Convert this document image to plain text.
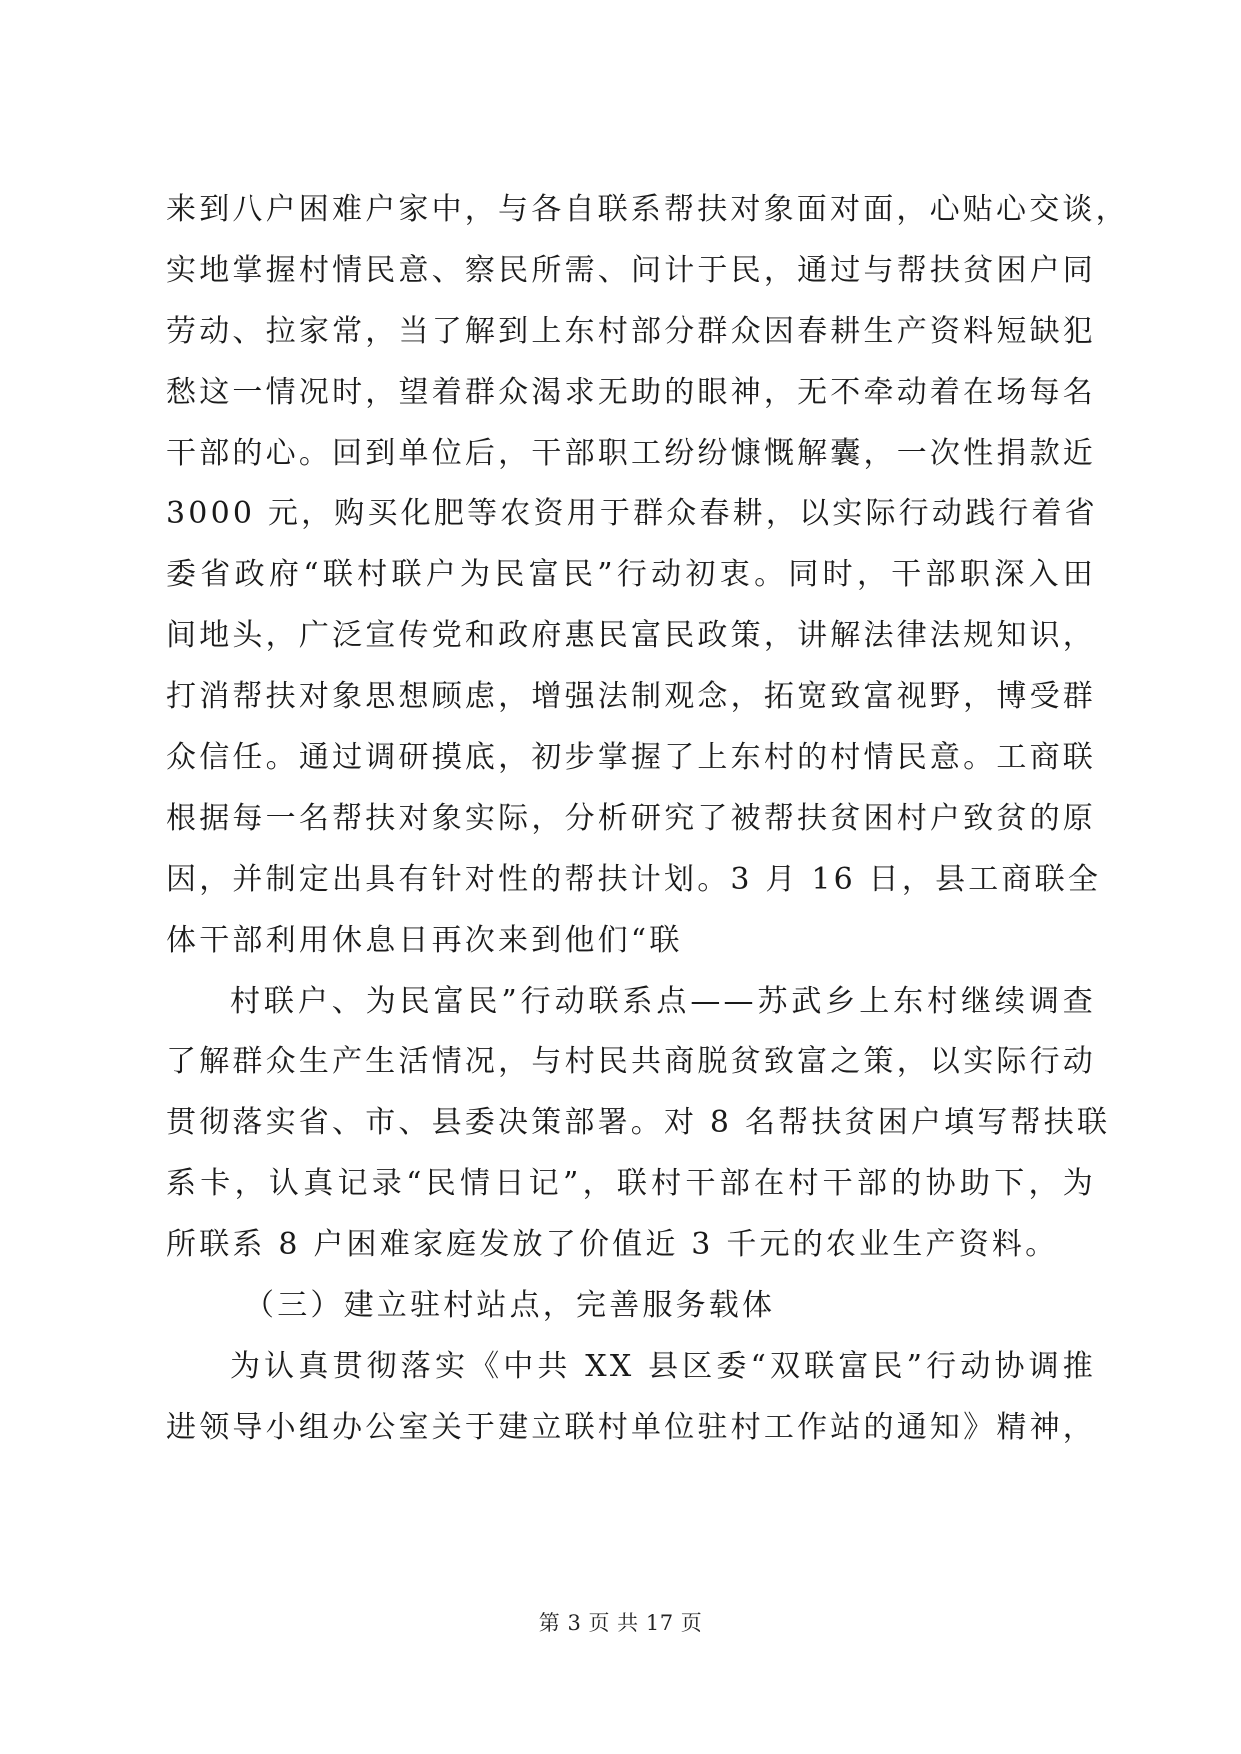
来到八户困难户家中，与各自联系帮扶对象面对面，心贴心交谈，
实地掌握村情民意、察民所需、问计于民，通过与帮扶贫困户同
劳动、拉家常，当了解到上东村部分群众因春耕生产资料短缺犯
愁这一情况时，望着群众渴求无助的眼神，无不牵动着在场每名
干部的心。回到单位后，干部职工纷纷慷慨解囊，一次性捐款近
3000 元，购买化肥等农资用于群众春耕，以实际行动践行着省
委省政府“联村联户为民富民”行动初衷。同时，干部职深入田
间地头，广泛宣传党和政府惠民富民政策，讲解法律法规知识，
打消帮扶对象思想顾虑，增强法制观念，拓宽致富视野，博受群
众信任。通过调研摸底，初步掌握了上东村的村情民意。工商联
根据每一名帮扶对象实际，分析研究了被帮扶贫困村户致贫的原
因，并制定出具有针对性的帮扶计划。3 月 16 日，县工商联全
体干部利用休息日再次来到他们“联
村联户、为民富民”行动联系点——苏武乡上东村继续调查
了解群众生产生活情况，与村民共商脱贫致富之策，以实际行动
贯彻落实省、市、县委决策部署。对 8 名帮扶贫困户填写帮扶联
系卡，认真记录“民情日记”，联村干部在村干部的协助下，为
所联系 8 户困难家庭发放了价值近 3 千元的农业生产资料。
（三）建立驻村站点，完善服务载体
为认真贯彻落实《中共 XX 县区委“双联富民”行动协调推
进领导小组办公室关于建立联村单位驻村工作站的通知》精神，
第 3 页 共 17 页
